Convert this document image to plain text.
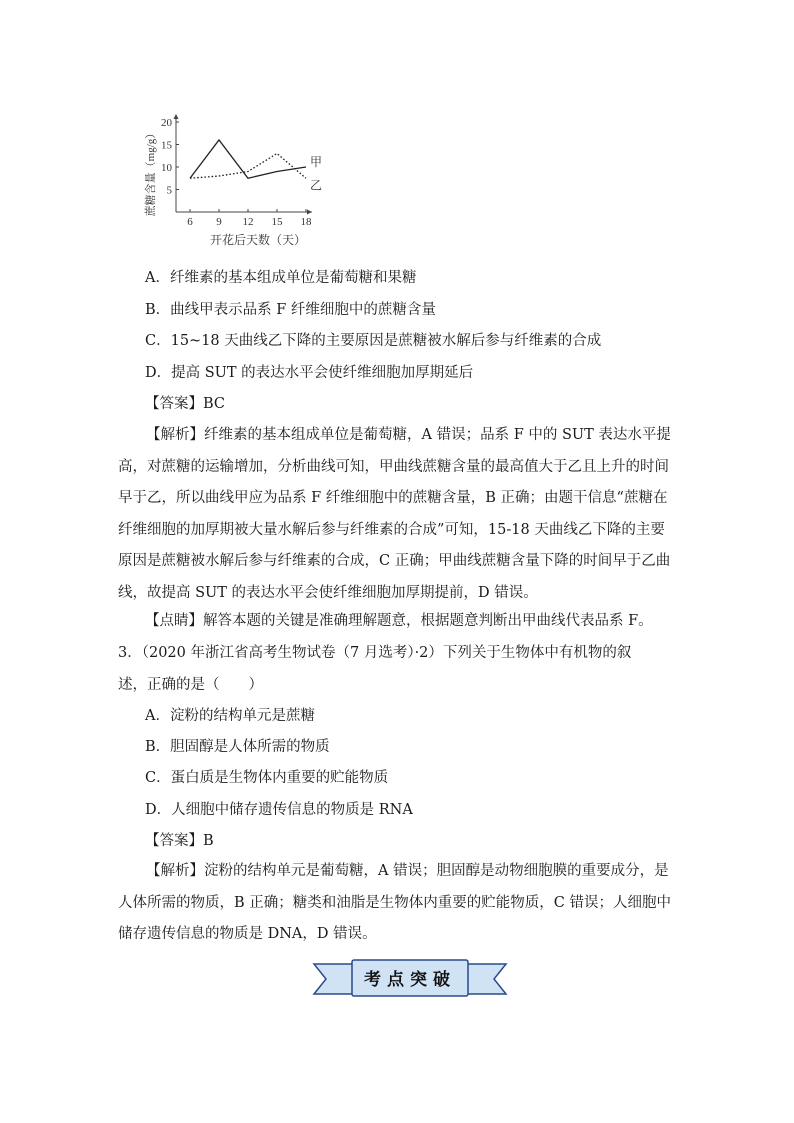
6 9 12 15 18
5
10
15
20
甲
乙
蔗糖含量（mg/g）
开花后天数（天）
A．纤维素的基本组成单位是葡萄糖和果糖
B．曲线甲表示品系 F 纤维细胞中的蔗糖含量
C．15~18 天曲线乙下降的主要原因是蔗糖被水解后参与纤维素的合成
D．提高 SUT 的表达水平会使纤维细胞加厚期延后
【答案】BC
【解析】纤维素的基本组成单位是葡萄糖，A 错误；品系 F 中的 SUT 表达水平提高，对蔗糖的运输增加，分析曲线可知，甲曲线蔗糖含量的最高值大于乙且上升的时间早于乙，所以曲线甲应为品系 F 纤维细胞中的蔗糖含量，B 正确；由题干信息“蔗糖在纤维细胞的加厚期被大量水解后参与纤维素的合成”可知，15-18 天曲线乙下降的主要原因是蔗糖被水解后参与纤维素的合成，C 正确；甲曲线蔗糖含量下降的时间早于乙曲线，故提高 SUT 的表达水平会使纤维细胞加厚期提前，D 错误。
【点睛】解答本题的关键是准确理解题意，根据题意判断出甲曲线代表品系 F。
3．（2020 年浙江省高考生物试卷（7 月选考）·2）下列关于生物体中有机物的叙述，正确的是（　　）
A．淀粉的结构单元是蔗糖
B．胆固醇是人体所需的物质
C．蛋白质是生物体内重要的贮能物质
D．人细胞中储存遗传信息的物质是 RNA
【答案】B
【解析】淀粉的结构单元是葡萄糖，A 错误；胆固醇是动物细胞膜的重要成分，是人体所需的物质，B 正确；糖类和油脂是生物体内重要的贮能物质，C 错误；人细胞中储存遗传信息的物质是 DNA，D 错误。
考点突破
